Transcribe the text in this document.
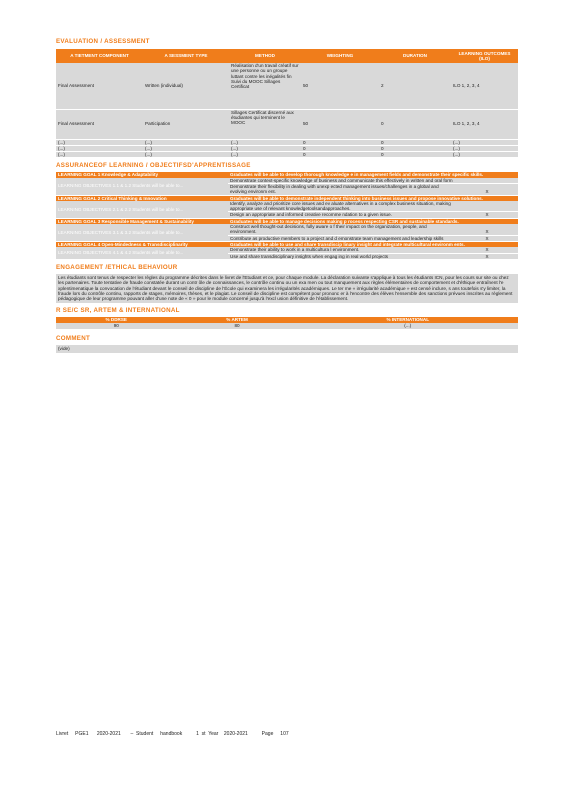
EVALUATION / ASSESSMENT

A TIETMENT COMPONENT	A SESSMENT TYPE	METHOD	WEIGHTING	DURATION	LEARNING OUTCOMES (ILO)
Final Assessment	Written (individual)	Réalisation d'un travail créatif sur une personne ou un groupe luttant contre les inégalités fin Suivi du MOOC Sillages Certificat	50	2	ILO 1, 2, 3, 4
Final Assessment	Participation	Sillages Certificat discerné aux étudiantes qui terminent le MOOC	50	0	ILO 1, 2, 3, 4
(...)	(...)	(...)	0	0	(...)
(...)	(...)	(...)	0	0	(...)
(...)	(...)	(...)	0	0	(...)

ASSURANCEOF LEARNING / OBJECTIFSD'APPRENTISSAGE

LEARNING GOAL 1 Knowledge & Adaptability	Graduates will be able to develop thorough knowledge e in management fields and demonstrate their specific skills.	
LEARNING OBJECTIVES 1.1 & 1.2 Students will be able to...	Demonstrate context-specific knowledge of business and communicate this effectively in written and oral form	
	Demonstrate their flexibility in dealing with unexp ected management issues/challenges in a global and evolving environm ent.	X
LEARNING GOAL 2 Critical Thinking & Innovation	Graduates will be able to demonstrate independent thinking into business issues and propose innovative solutions.	
LEARNING OBJECTIVES 2.1 & 2.2 Students will be able to...	Identify, analyze and prioritize core issues and ev aluate alternatives in a complex business situation, making appropriate use of relevant knowledgetoolsandapproaches.	
	Design an appropriate and informed creative recomme ndation to a given issue.	X
LEARNING GOAL 3 Responsible Management & Sustainability	Graduates will be able to manage decisions making p rocess respecting CSR and sustainable standards.	
LEARNING OBJECTIVES 3.1 & 3.2 Students will be able to...	Construct well thought-out decisions, fully aware o f their impact on the organization, people, and environment.	X
	Contribute as productive members to a project and d emonstrate team management and leadership skills	X
LEARNING GOAL 4 Open-Mindedness & Transdisciplinarity	Graduates will be able to use and share transdiscip linary insight and integrate multicultural environm ents.	
LEARNING OBJECTIVES 4.1 & 4.2 Students will be able to...	Demonstrate their ability to work in a multicultura l environment.	X
	Use and share transdisciplinary insights when engag ing in real world projects	X

ENGAGEMENT /ETHICAL BEHAVIOUR

Les étudiants sont tenus de respecter les règles du programme décrites dans le livret de l'Etudiant et ce, pour chaque module. La déclaration suivante s'applique à tous les étudiants ICN, pour les cours sur site ou chez les partenaires. Toute tentative de fraude constatée durant un contr ôle de connaissances, le contrôle continu ou un exa men ou tout manquement aux règles élémentaires de comportement et d'éthique entraînent l'e xplentimenatique la convocation de l'étudiant devant le conseil de discipline de l'École qui examinera les irrégularités académiques. Le ter me « irrégularité académique » est censé inclure, s ans toutefois s'y limiter, la fraude lors du contrôle continu, rapports de stages, mémoires, thèses, et le plagiat. Le conseil de discipline est compétent pour prononc er à l'encontre des élèves l'ensemble des sanctions prévues inscrites au règlement pédagogique de leur programme pouvant aller d'une note de « 0 » pour le module concerné jusqu'à l'excl usion définitive de l'établissement.

R SE/C SR, ARTEM & INTERNATIONAL

% DDRSE	% ARTEM	% INTERNATIONAL
90	80	(...)

COMMENT

(vide)
Livret     PGE1      2020-2021       –  Student     handbook          1  st  Year    2020-2021          Page     107
